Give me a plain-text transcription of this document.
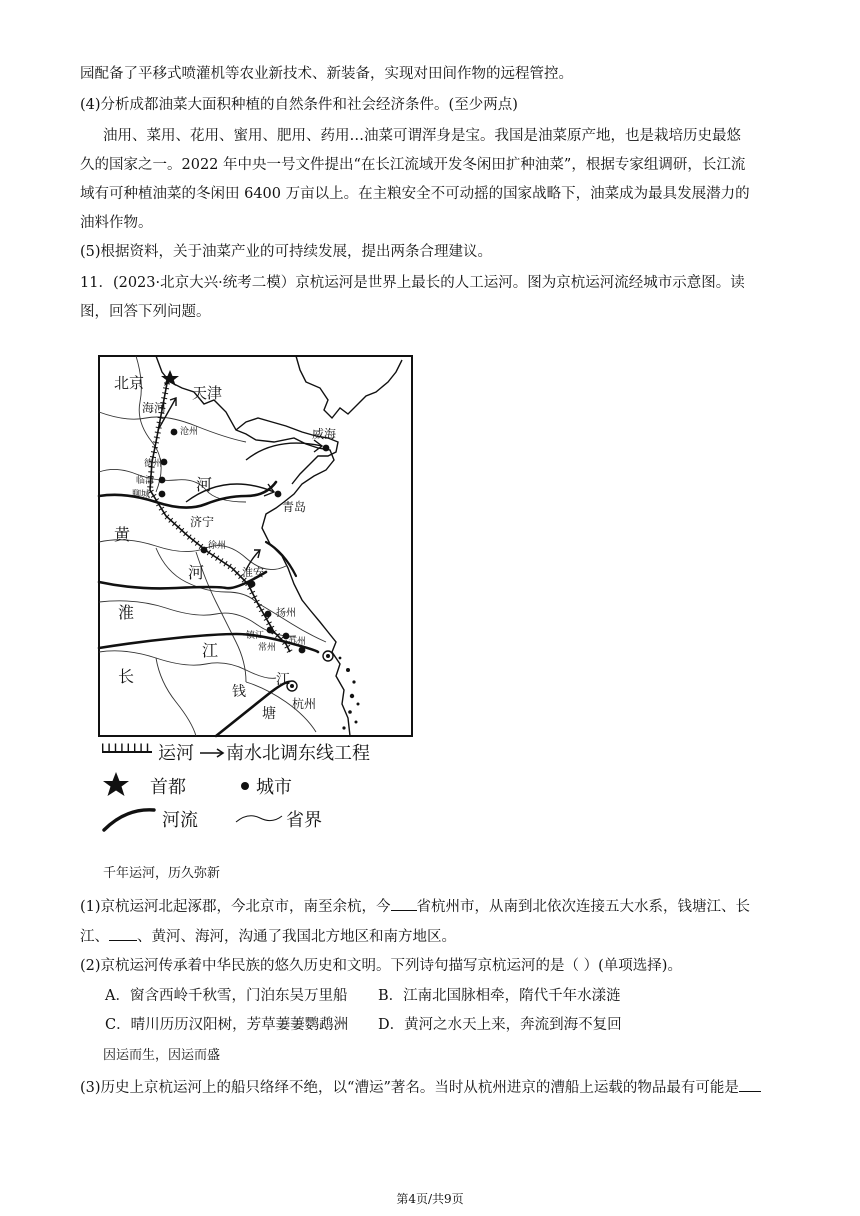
园配备了平移式喷灌机等农业新技术、新装备，实现对田间作物的远程管控。
(4)分析成都油菜大面积种植的自然条件和社会经济条件。(至少两点)
油用、菜用、花用、蜜用、肥用、药用…油菜可谓浑身是宝。我国是油菜原产地，也是栽培历史最悠
久的国家之一。2022 年中央一号文件提出“在长江流域开发冬闲田扩种油菜”，根据专家组调研，长江流
域有可种植油菜的冬闲田 6400 万亩以上。在主粮安全不可动摇的国家战略下，油菜成为最具发展潜力的
油料作物。
(5)根据资料，关于油菜产业的可持续发展，提出两条合理建议。
11．(2023·北京大兴·统考二模）京杭运河是世界上最长的人工运河。图为京杭运河流经城市示意图。读
图，回答下列问题。
北京
天津
海河
沧州	威海
德州
临清
聊城
青岛
济宁
徐州
淮安
扬州
镇江
常州
苏州
杭州
河
黄
淮
河
江
长
钱
塘
江
运河 南水北调东线工程
首都	城市
河流	省界
千年运河，历久弥新
(1)京杭运河北起涿郡，今北京市，南至余杭，今 省杭州市，从南到北依次连接五大水系，钱塘江、长
江、 、黄河、海河，沟通了我国北方地区和南方地区。
(2)京杭运河传承着中华民族的悠久历史和文明。下列诗句描写京杭运河的是（ ）(单项选择)。
A．窗含西岭千秋雪，门泊东吴万里船 B．江南北国脉相牵，隋代千年水漾涟
C．晴川历历汉阳树，芳草萋萋鹦鹉洲 D．黄河之水天上来，奔流到海不复回
因运而生，因运而盛
(3)历史上京杭运河上的船只络绎不绝，以“漕运”著名。当时从杭州进京的漕船上运载的物品最有可能是
第4页/共9页
